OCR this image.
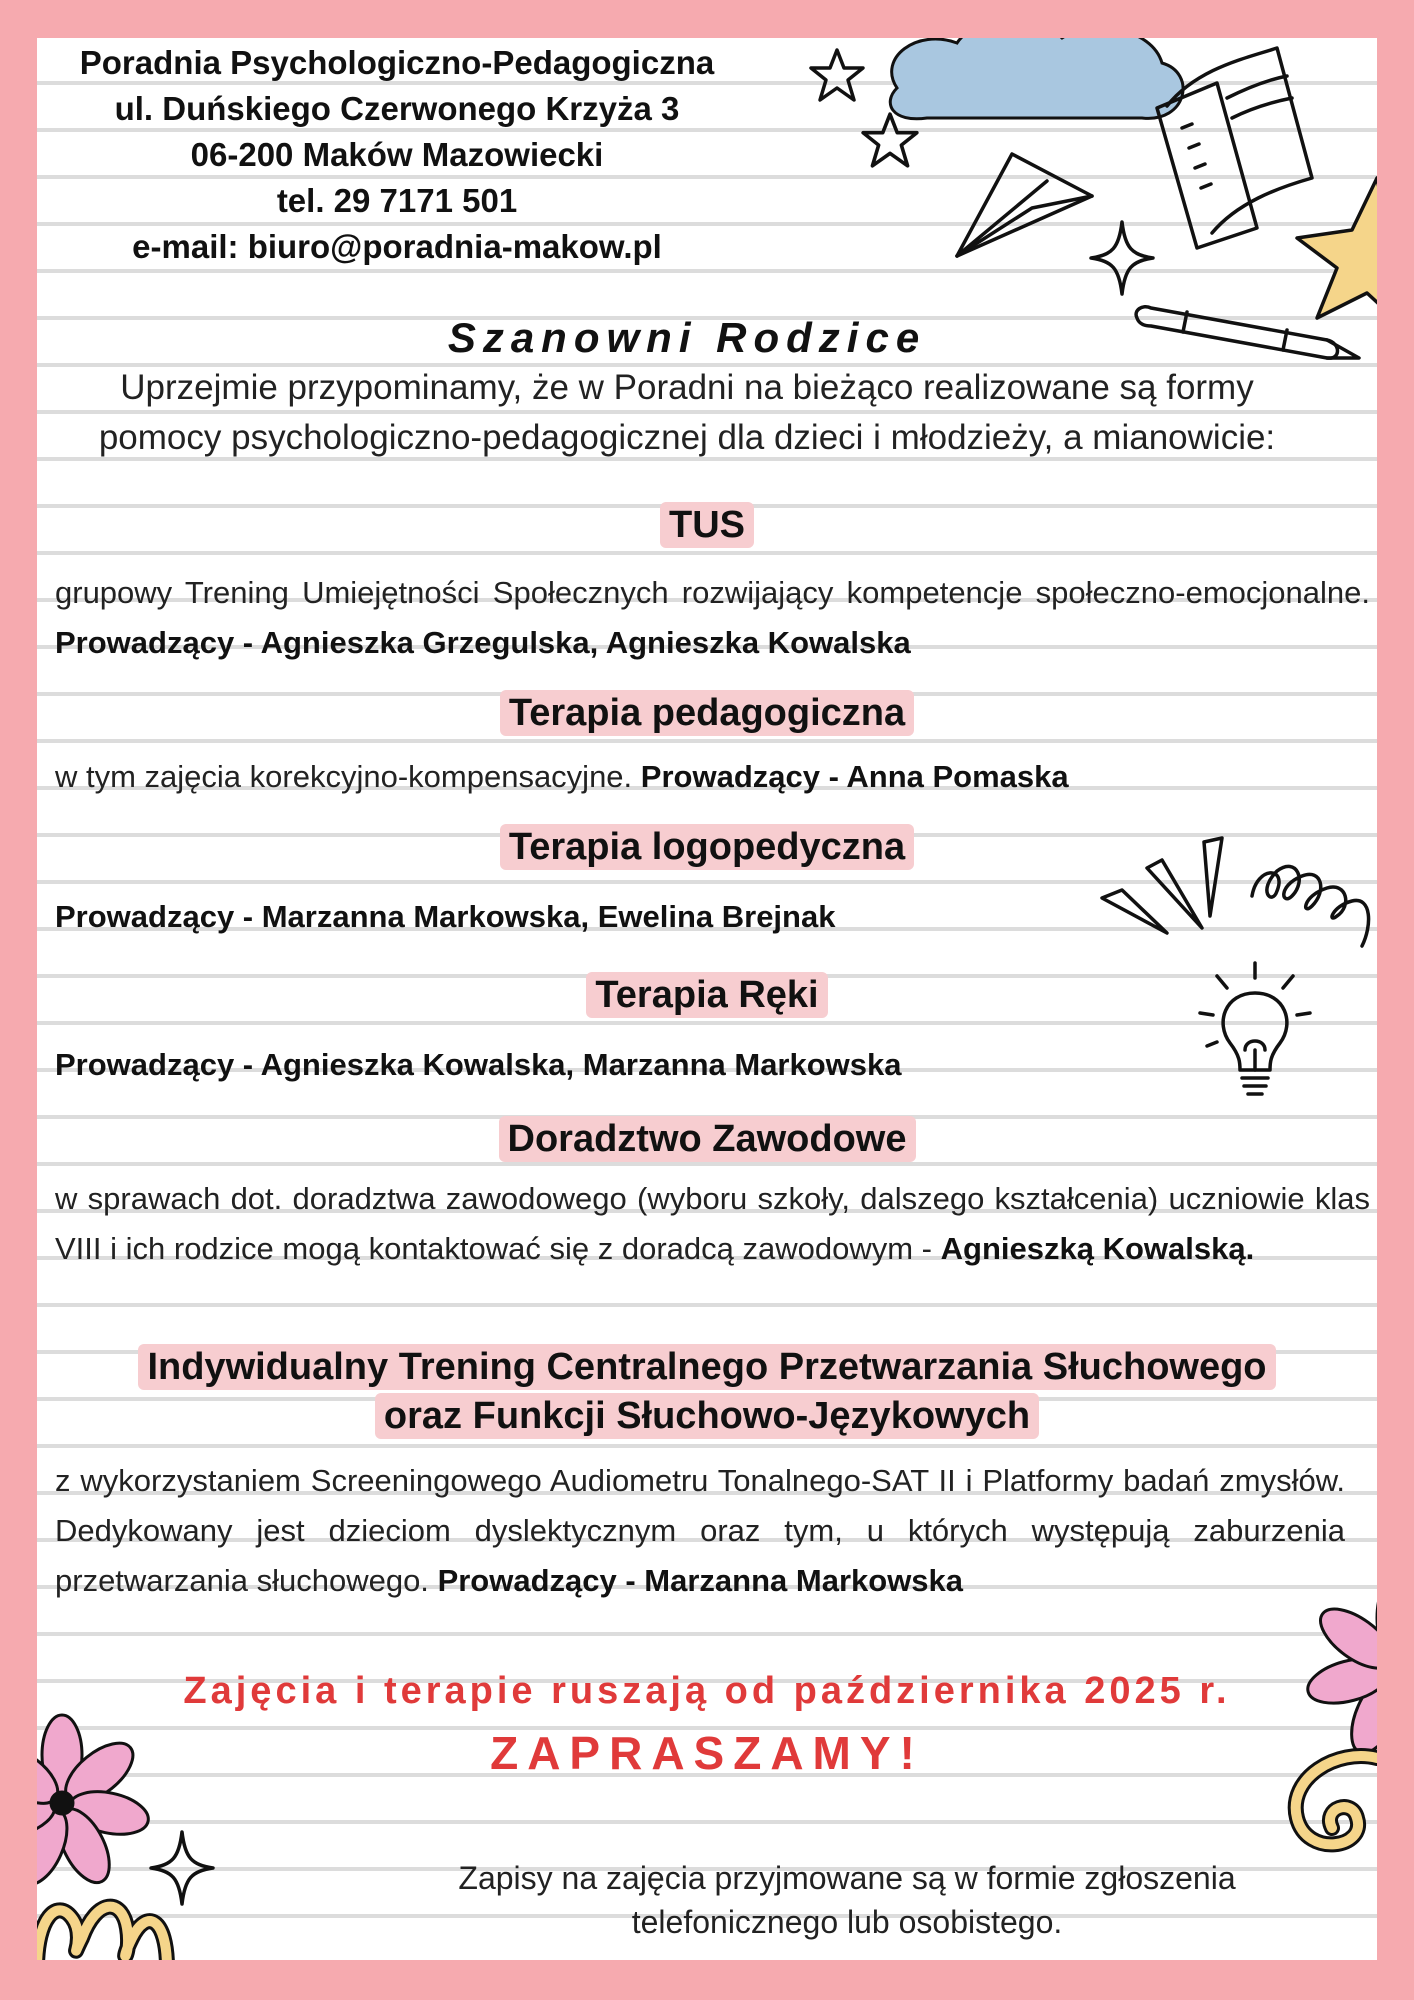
Poradnia Psychologiczno-Pedagogiczna
ul. Duńskiego Czerwonego Krzyża 3
06-200 Maków Mazowiecki
tel. 29 7171 501
e-mail: biuro@poradnia-makow.pl
Szanowni Rodzice
Uprzejmie przypominamy, że w Poradni na bieżąco realizowane są formy
pomocy psychologiczno-pedagogicznej dla dzieci i młodzieży, a mianowicie:
TUS
grupowy Trening Umiejętności Społecznych rozwijający kompetencje społeczno-emocjonalne. Prowadzący - Agnieszka Grzegulska, Agnieszka Kowalska
Terapia pedagogiczna
w tym zajęcia korekcyjno-kompensacyjne. Prowadzący - Anna Pomaska
Terapia logopedyczna
Prowadzący - Marzanna Markowska, Ewelina Brejnak
Terapia Ręki
Prowadzący - Agnieszka Kowalska, Marzanna Markowska
Doradztwo Zawodowe
w sprawach dot. doradztwa zawodowego (wyboru szkoły, dalszego kształcenia) uczniowie klas VIII i ich rodzice mogą kontaktować się z doradcą zawodowym - Agnieszką Kowalską.
Indywidualny Trening Centralnego Przetwarzania Słuchowego
oraz Funkcji Słuchowo-Językowych
z wykorzystaniem Screeningowego Audiometru Tonalnego-SAT II i Platformy badań zmysłów. Dedykowany jest dzieciom dyslektycznym oraz tym, u których występują zaburzenia przetwarzania słuchowego. Prowadzący - Marzanna Markowska
Zajęcia i terapie ruszają od października 2025 r.
ZAPRASZAMY!
Zapisy na zajęcia przyjmowane są w formie zgłoszenia
telefonicznego lub osobistego.
